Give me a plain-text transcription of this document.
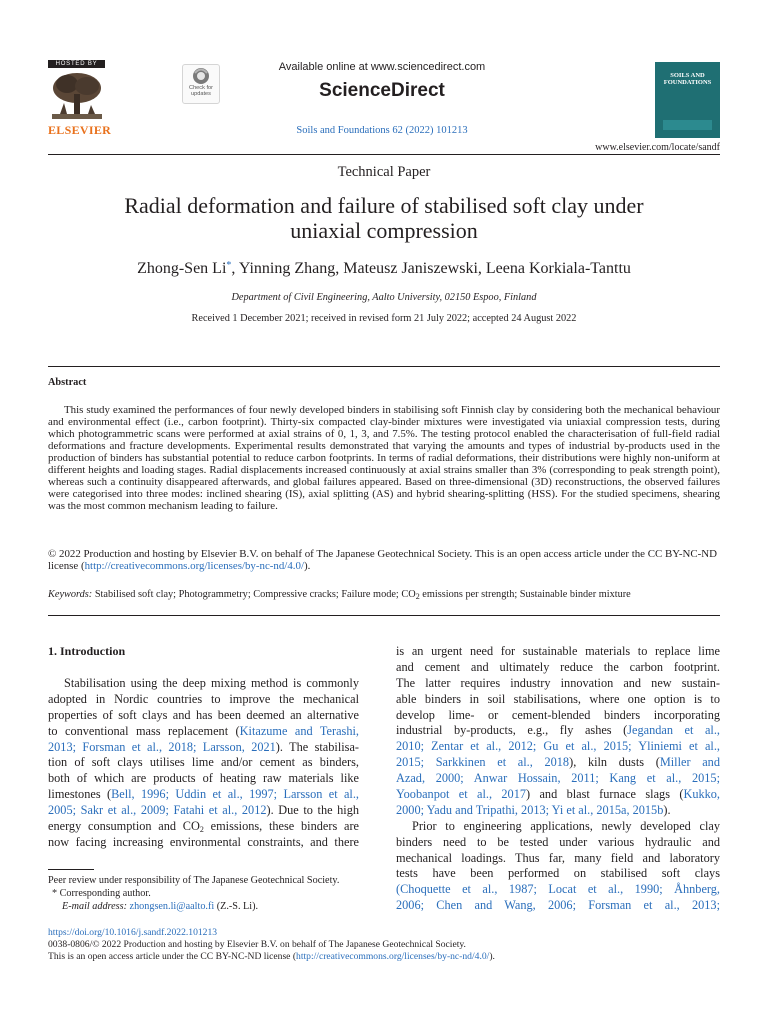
HOSTED BY
ELSEVIER
Check for
updates
Available online at www.sciencedirect.com
ScienceDirect
Soils and Foundations 62 (2022) 101213
SOILS AND FOUNDATIONS
www.elsevier.com/locate/sandf
Technical Paper
Radial deformation and failure of stabilised soft clay under
uniaxial compression
Zhong-Sen Li*, Yinning Zhang, Mateusz Janiszewski, Leena Korkiala-Tanttu
Department of Civil Engineering, Aalto University, 02150 Espoo, Finland
Received 1 December 2021; received in revised form 21 July 2022; accepted 24 August 2022
Abstract
This study examined the performances of four newly developed binders in stabilising soft Finnish clay by considering both the mechanical behaviour and environmental effect (i.e., carbon footprint). Thirty-six compacted clay-binder mixtures were investigated via uniaxial compression tests, during which photogrammetric scans were performed at axial strains of 0, 1, 3, and 7.5%. The testing protocol enabled the characterisation of full-field radial deformations and fracture developments. Experimental results demonstrated that varying the amounts and types of industrial by-products used in the production of binders has substantial potential to reduce carbon footprints. In terms of radial deformations, their distributions were highly non-uniform at different heights and loading stages. Radial displacements increased continuously at axial strains smaller than 3% (corresponding to peak strength point), whereas such a continuity disappeared afterwards, and global failures appeared. Based on three-dimensional (3D) reconstructions, the observed failures were categorised into three modes: inclined shearing (IS), axial splitting (AS) and hybrid shearing-splitting (HSS). For the studied specimens, shearing was the most common mechanism leading to failure.
© 2022 Production and hosting by Elsevier B.V. on behalf of The Japanese Geotechnical Society. This is an open access article under the CC BY-NC-ND license (http://creativecommons.org/licenses/by-nc-nd/4.0/).
Keywords: Stabilised soft clay; Photogrammetry; Compressive cracks; Failure mode; $CO_2$ emissions per strength; Sustainable binder mixture
1. Introduction
Stabilisation using the deep mixing method is commonly
adopted in Nordic countries to improve the mechanical
properties of soft clays and has been deemed an alternative
to conventional mass replacement (Kitazume and Terashi,
2013; Forsman et al., 2018; Larsson, 2021). The stabilisa-
tion of soft clays utilises lime and/or cement as binders,
both of which are products of heating raw materials like
limestones (Bell, 1996; Uddin et al., 1997; Larsson et al.,
2005; Sakr et al., 2009; Fatahi et al., 2012). Due to the high
energy consumption and $CO_2$ emissions, these binders are
now facing increasing environmental constraints, and there
is an urgent need for sustainable materials to replace lime
and cement and ultimately reduce the carbon footprint.
The latter requires industry innovation and new sustain-
able binders in soil stabilisations, where one option is to
develop lime- or cement-blended binders incorporating
industrial by-products, e.g., fly ashes (Jegandan et al.,
2010; Zentar et al., 2012; Gu et al., 2015; Yliniemi et al.,
2015; Sarkkinen et al., 2018), kiln dusts (Miller and
Azad, 2000; Anwar Hossain, 2011; Kang et al., 2015;
Yoobanpot et al., 2017) and blast furnace slags (Kukko,
2000; Yadu and Tripathi, 2013; Yi et al., 2015a, 2015b).
Prior to engineering applications, newly developed clay
binders need to be tested under various hydraulic and
mechanical loadings. Thus far, many field and laboratory
tests have been performed on stabilised soft clays
(Choquette et al., 1987; Locat et al., 1990; Åhnberg,
2006; Chen and Wang, 2006; Forsman et al., 2013;
Peer review under responsibility of The Japanese Geotechnical Society.
* Corresponding author.
E-mail address: zhongsen.li@aalto.fi (Z.-S. Li).
https://doi.org/10.1016/j.sandf.2022.101213
0038-0806/© 2022 Production and hosting by Elsevier B.V. on behalf of The Japanese Geotechnical Society.
This is an open access article under the CC BY-NC-ND license (http://creativecommons.org/licenses/by-nc-nd/4.0/).
